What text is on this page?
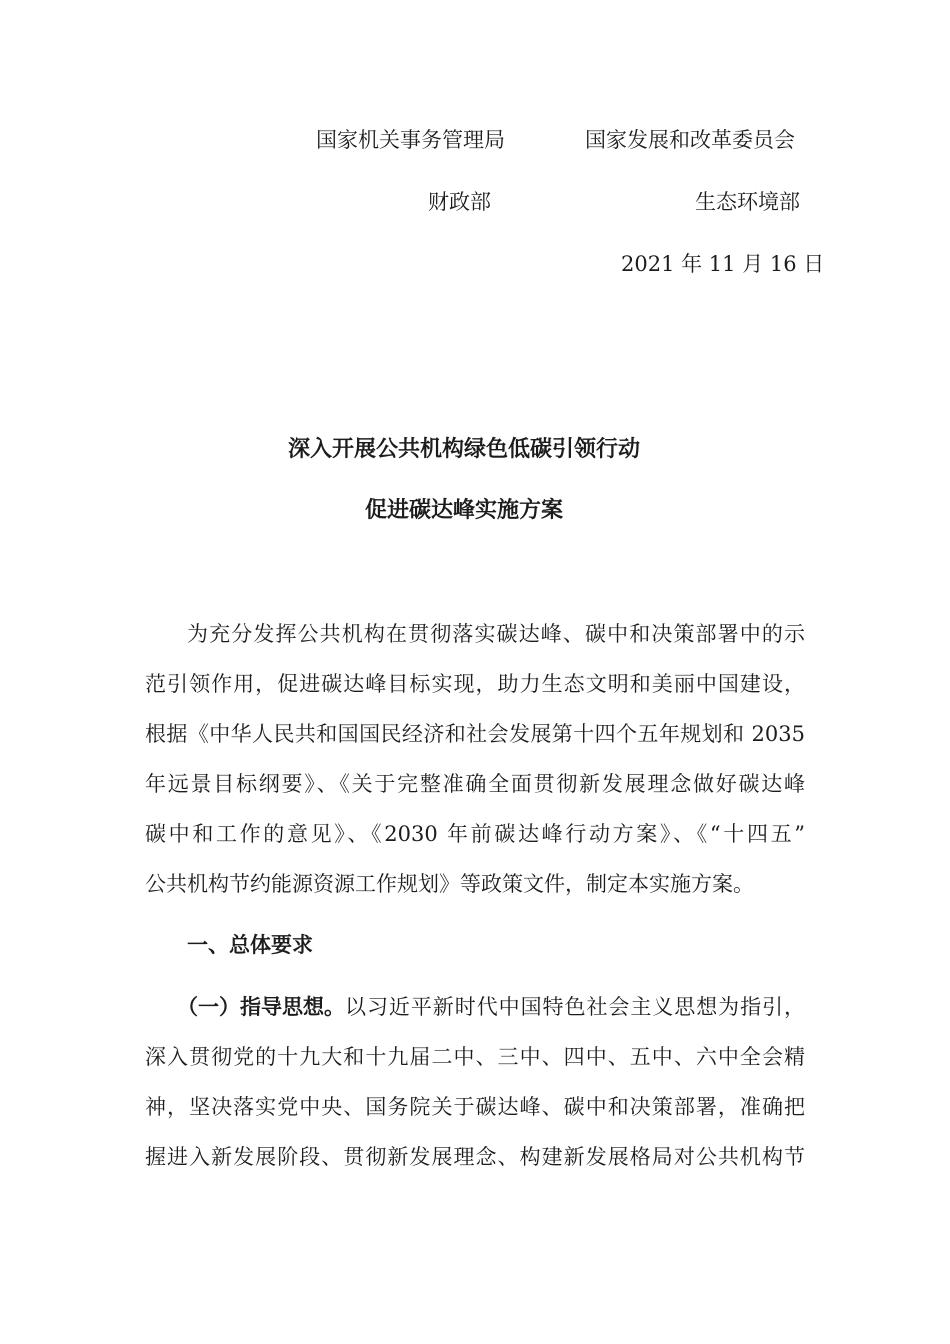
国家机关事务管理局	国家发展和改革委员会
财政部	生态环境部
2021 年 11 月 16 日
深入开展公共机构绿色低碳引领行动
促进碳达峰实施方案
为充分发挥公共机构在贯彻落实碳达峰、碳中和决策部署中的示
范引领作用，促进碳达峰目标实现，助力生态文明和美丽中国建设，
根据《中华人民共和国国民经济和社会发展第十四个五年规划和 2035
年远景目标纲要》、《关于完整准确全面贯彻新发展理念做好碳达峰
碳中和工作的意见》、《2030 年前碳达峰行动方案》、《“十四五”
公共机构节约能源资源工作规划》等政策文件，制定本实施方案。
一、总体要求
（一）指导思想。 以习近平新时代中国特色社会主义思想为指引，
深入贯彻党的十九大和十九届二中、三中、四中、五中、六中全会精
神，坚决落实党中央、国务院关于碳达峰、碳中和决策部署，准确把
握进入新发展阶段、贯彻新发展理念、构建新发展格局对公共机构节
